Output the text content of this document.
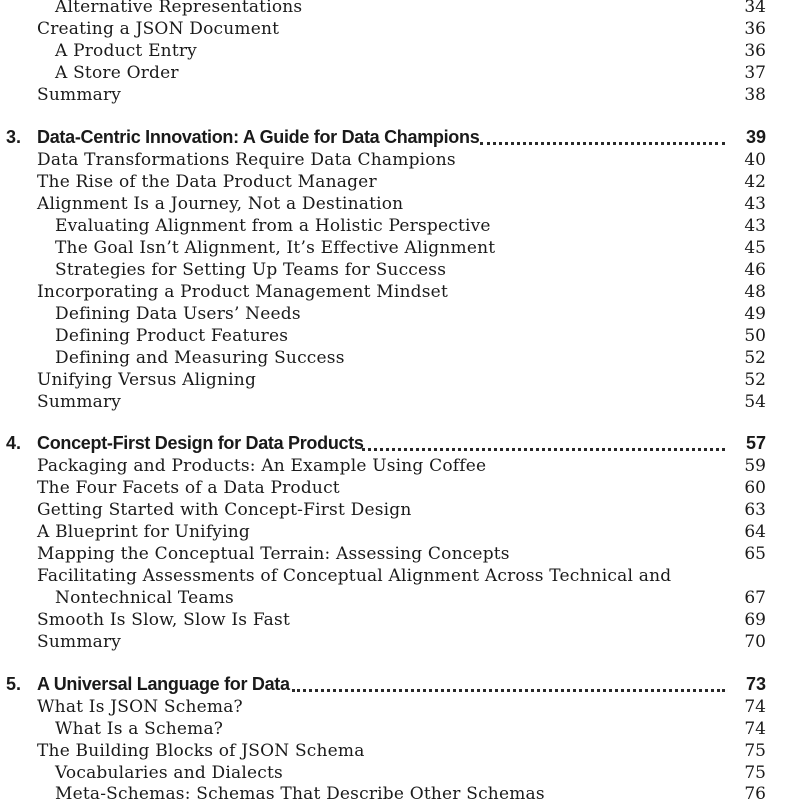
Alternative Representations	34
Creating a JSON Document	36
A Product Entry	36
A Store Order	37
Summary	38
3. Data-Centric Innovation: A Guide for Data Champions	39
Data Transformations Require Data Champions	40
The Rise of the Data Product Manager	42
Alignment Is a Journey, Not a Destination	43
Evaluating Alignment from a Holistic Perspective	43
The Goal Isn’t Alignment, It’s Effective Alignment	45
Strategies for Setting Up Teams for Success	46
Incorporating a Product Management Mindset	48
Defining Data Users’ Needs	49
Defining Product Features	50
Defining and Measuring Success	52
Unifying Versus Aligning	52
Summary	54
4. Concept-First Design for Data Products	57
Packaging and Products: An Example Using Coffee	59
The Four Facets of a Data Product	60
Getting Started with Concept-First Design	63
A Blueprint for Unifying	64
Mapping the Conceptual Terrain: Assessing Concepts	65
Facilitating Assessments of Conceptual Alignment Across Technical and
Nontechnical Teams	67
Smooth Is Slow, Slow Is Fast	69
Summary	70
5. A Universal Language for Data	73
What Is JSON Schema?	74
What Is a Schema?	74
The Building Blocks of JSON Schema	75
Vocabularies and Dialects	75
Meta-Schemas: Schemas That Describe Other Schemas	76
